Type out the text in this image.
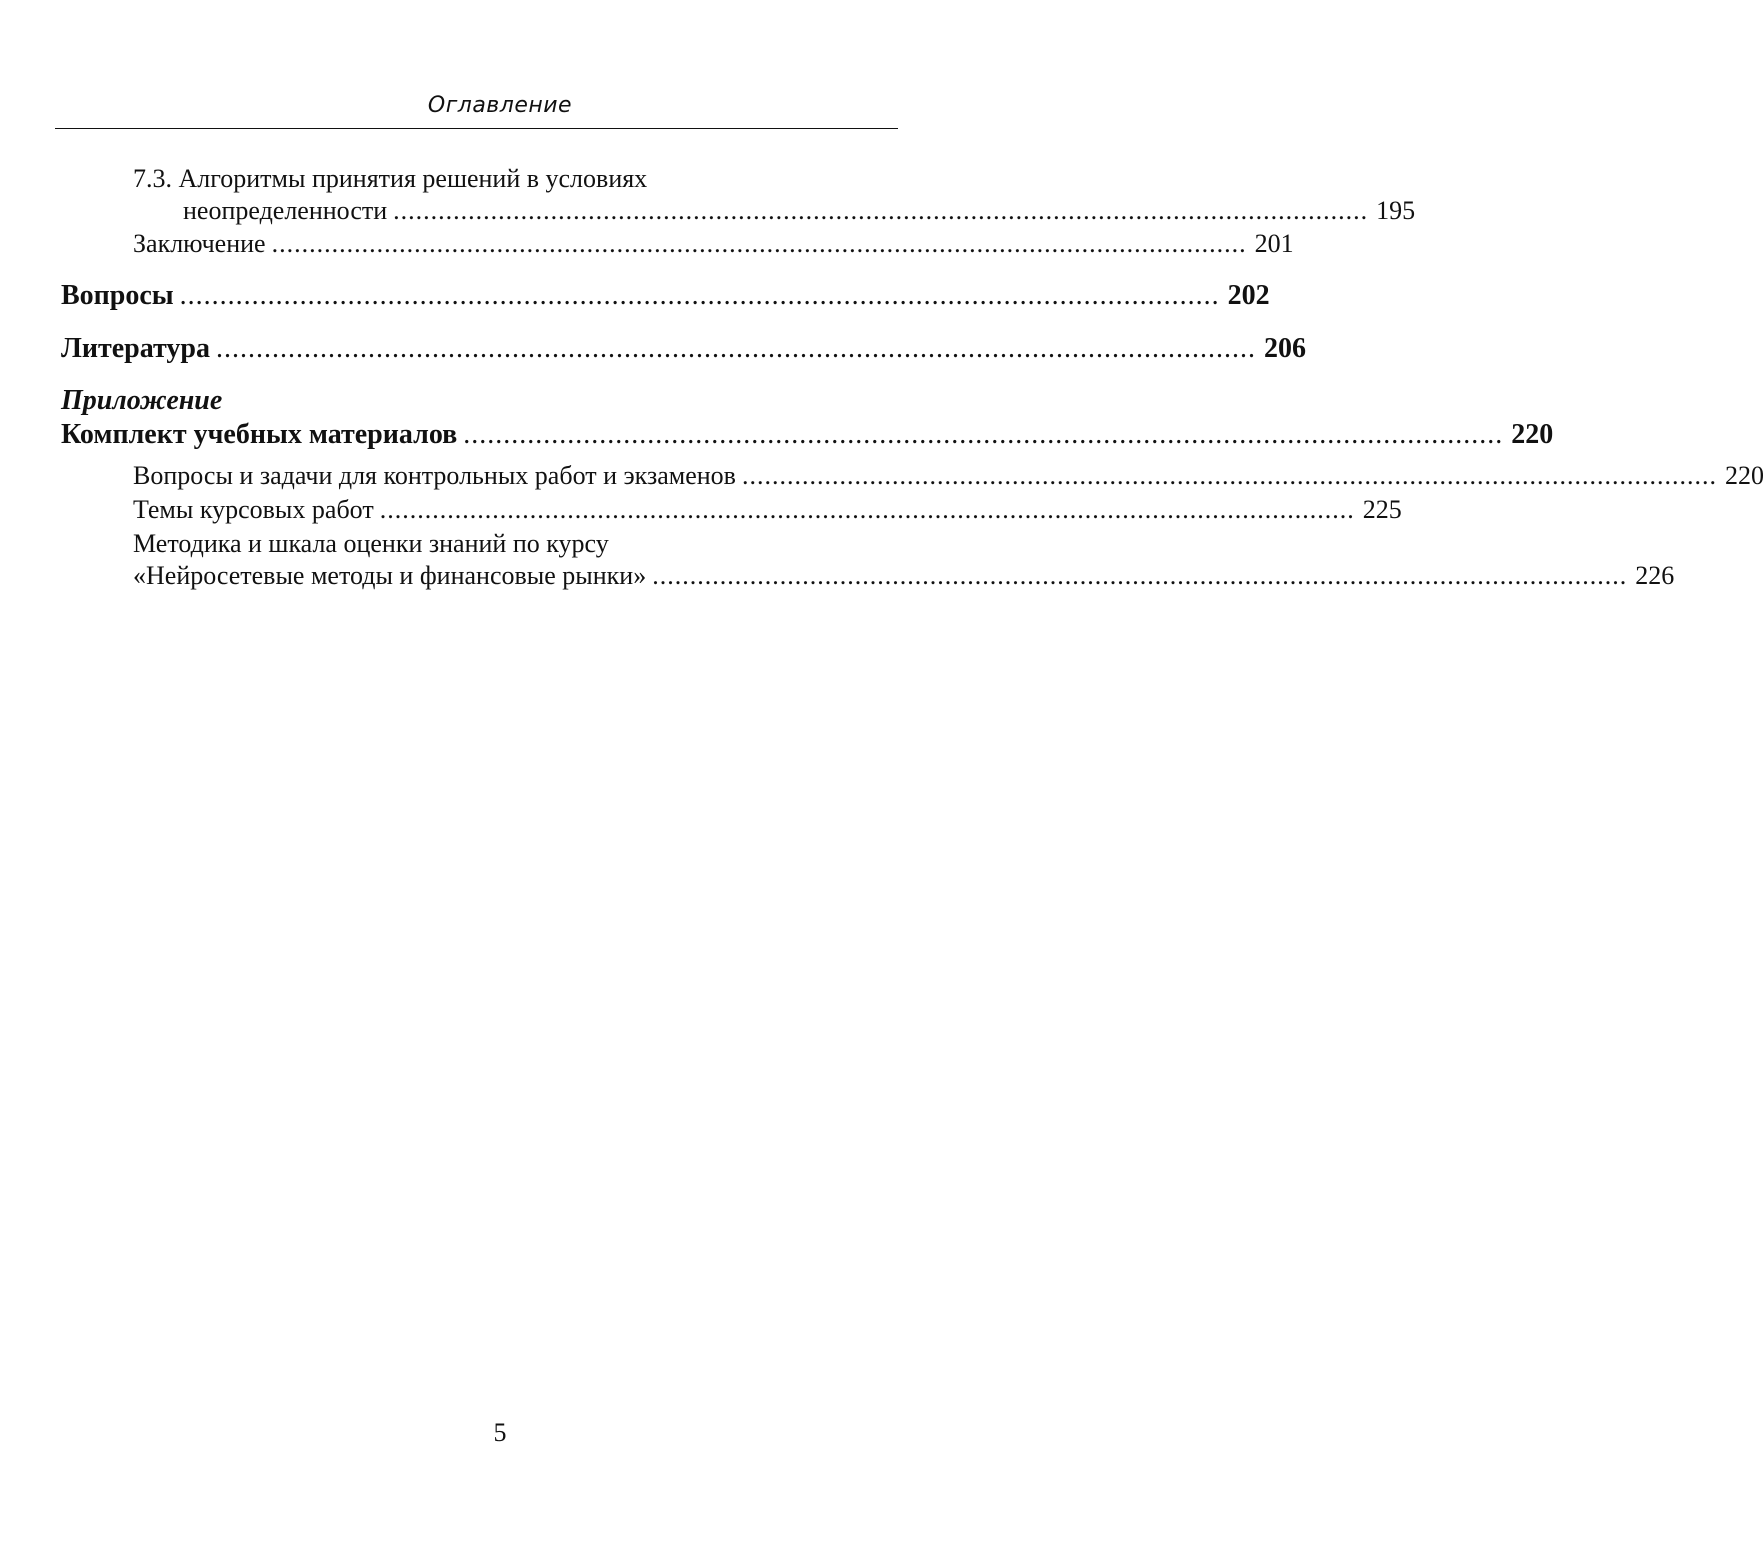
Оглавление
7.3. Алгоритмы принятия решений в условиях
неопределенности .................................................................................................................................. 195
Заключение .................................................................................................................................. 201
Вопросы .................................................................................................................................. 202
Литература .................................................................................................................................. 206
Приложение
Комплект учебных материалов .................................................................................................................................. 220
Вопросы и задачи для контрольных работ и экзаменов .................................................................................................................................. 220
Темы курсовых работ .................................................................................................................................. 225
Методика и шкала оценки знаний по курсу
«Нейросетевые методы и финансовые рынки» .................................................................................................................................. 226
5
